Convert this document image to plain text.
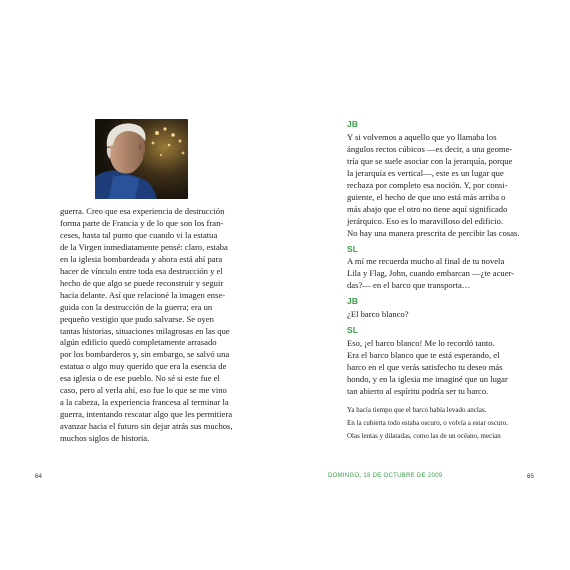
guerra. Creo que esa experiencia de destrucción
forma parte de Francia y de lo que son los fran-
ceses, hasta tal punto que cuando vi la estatua
de la Virgen inmediatamente pensé: claro, estaba
en la iglesia bombardeada y ahora está ahí para
hacer de vínculo entre toda esa destrucción y el
hecho de que algo se puede reconstruir y seguir
hacia delante. Así que relacioné la imagen ense-
guida con la destrucción de la guerra; era un
pequeño vestigio que pudo salvarse. Se oyen
tantas historias, situaciones milagrosas en las que
algún edificio quedó completamente arrasado
por los bombarderos y, sin embargo, se salvó una
estatua o algo muy querido que era la esencia de
esa iglesia o de ese pueblo. No sé si este fue el
caso, pero al verla ahí, eso fue lo que se me vino
a la cabeza, la experiencia francesa al terminar la
guerra, intentando rescatar algo que les permitiera
avanzar hacia el futuro sin dejar atrás sus muchos,
muchos siglos de historia.
64
JB
Y si volvemos a aquello que yo llamaba los
ángulos rectos cúbicos —es decir, a una geome-
tría que se suele asociar con la jerarquía, porque
la jerarquía es vertical—, este es un lugar que
rechaza por completo esa noción. Y, por consi-
guiente, el hecho de que uno está más arriba o
más abajo que el otro no tiene aquí significado
jerárquico. Eso es lo maravilloso del edificio.
No hay una manera prescrita de percibir las cosas.
SL
A mí me recuerda mucho al final de tu novela
Lila y Flag, John, cuando embarcan —¿te acuer-
das?— en el barco que transporta…
JB
¿El barco blanco?
SL
Eso, ¡el barco blanco! Me lo recordó tanto.
Era el barco blanco que te está esperando, el
barco en el que verás satisfecho tu deseo más
hondo, y en la iglesia me imaginé que un lugar
tan abierto al espíritu podría ser tu barco.
Ya hacía tiempo que el barco había levado anclas.
En la cubierta todo estaba oscuro, o volvía a estar oscuro.
Olas lentas y dilatadas, como las de un océano, mecían
DOMINGO, 18 DE OCTUBRE DE 2009	65
